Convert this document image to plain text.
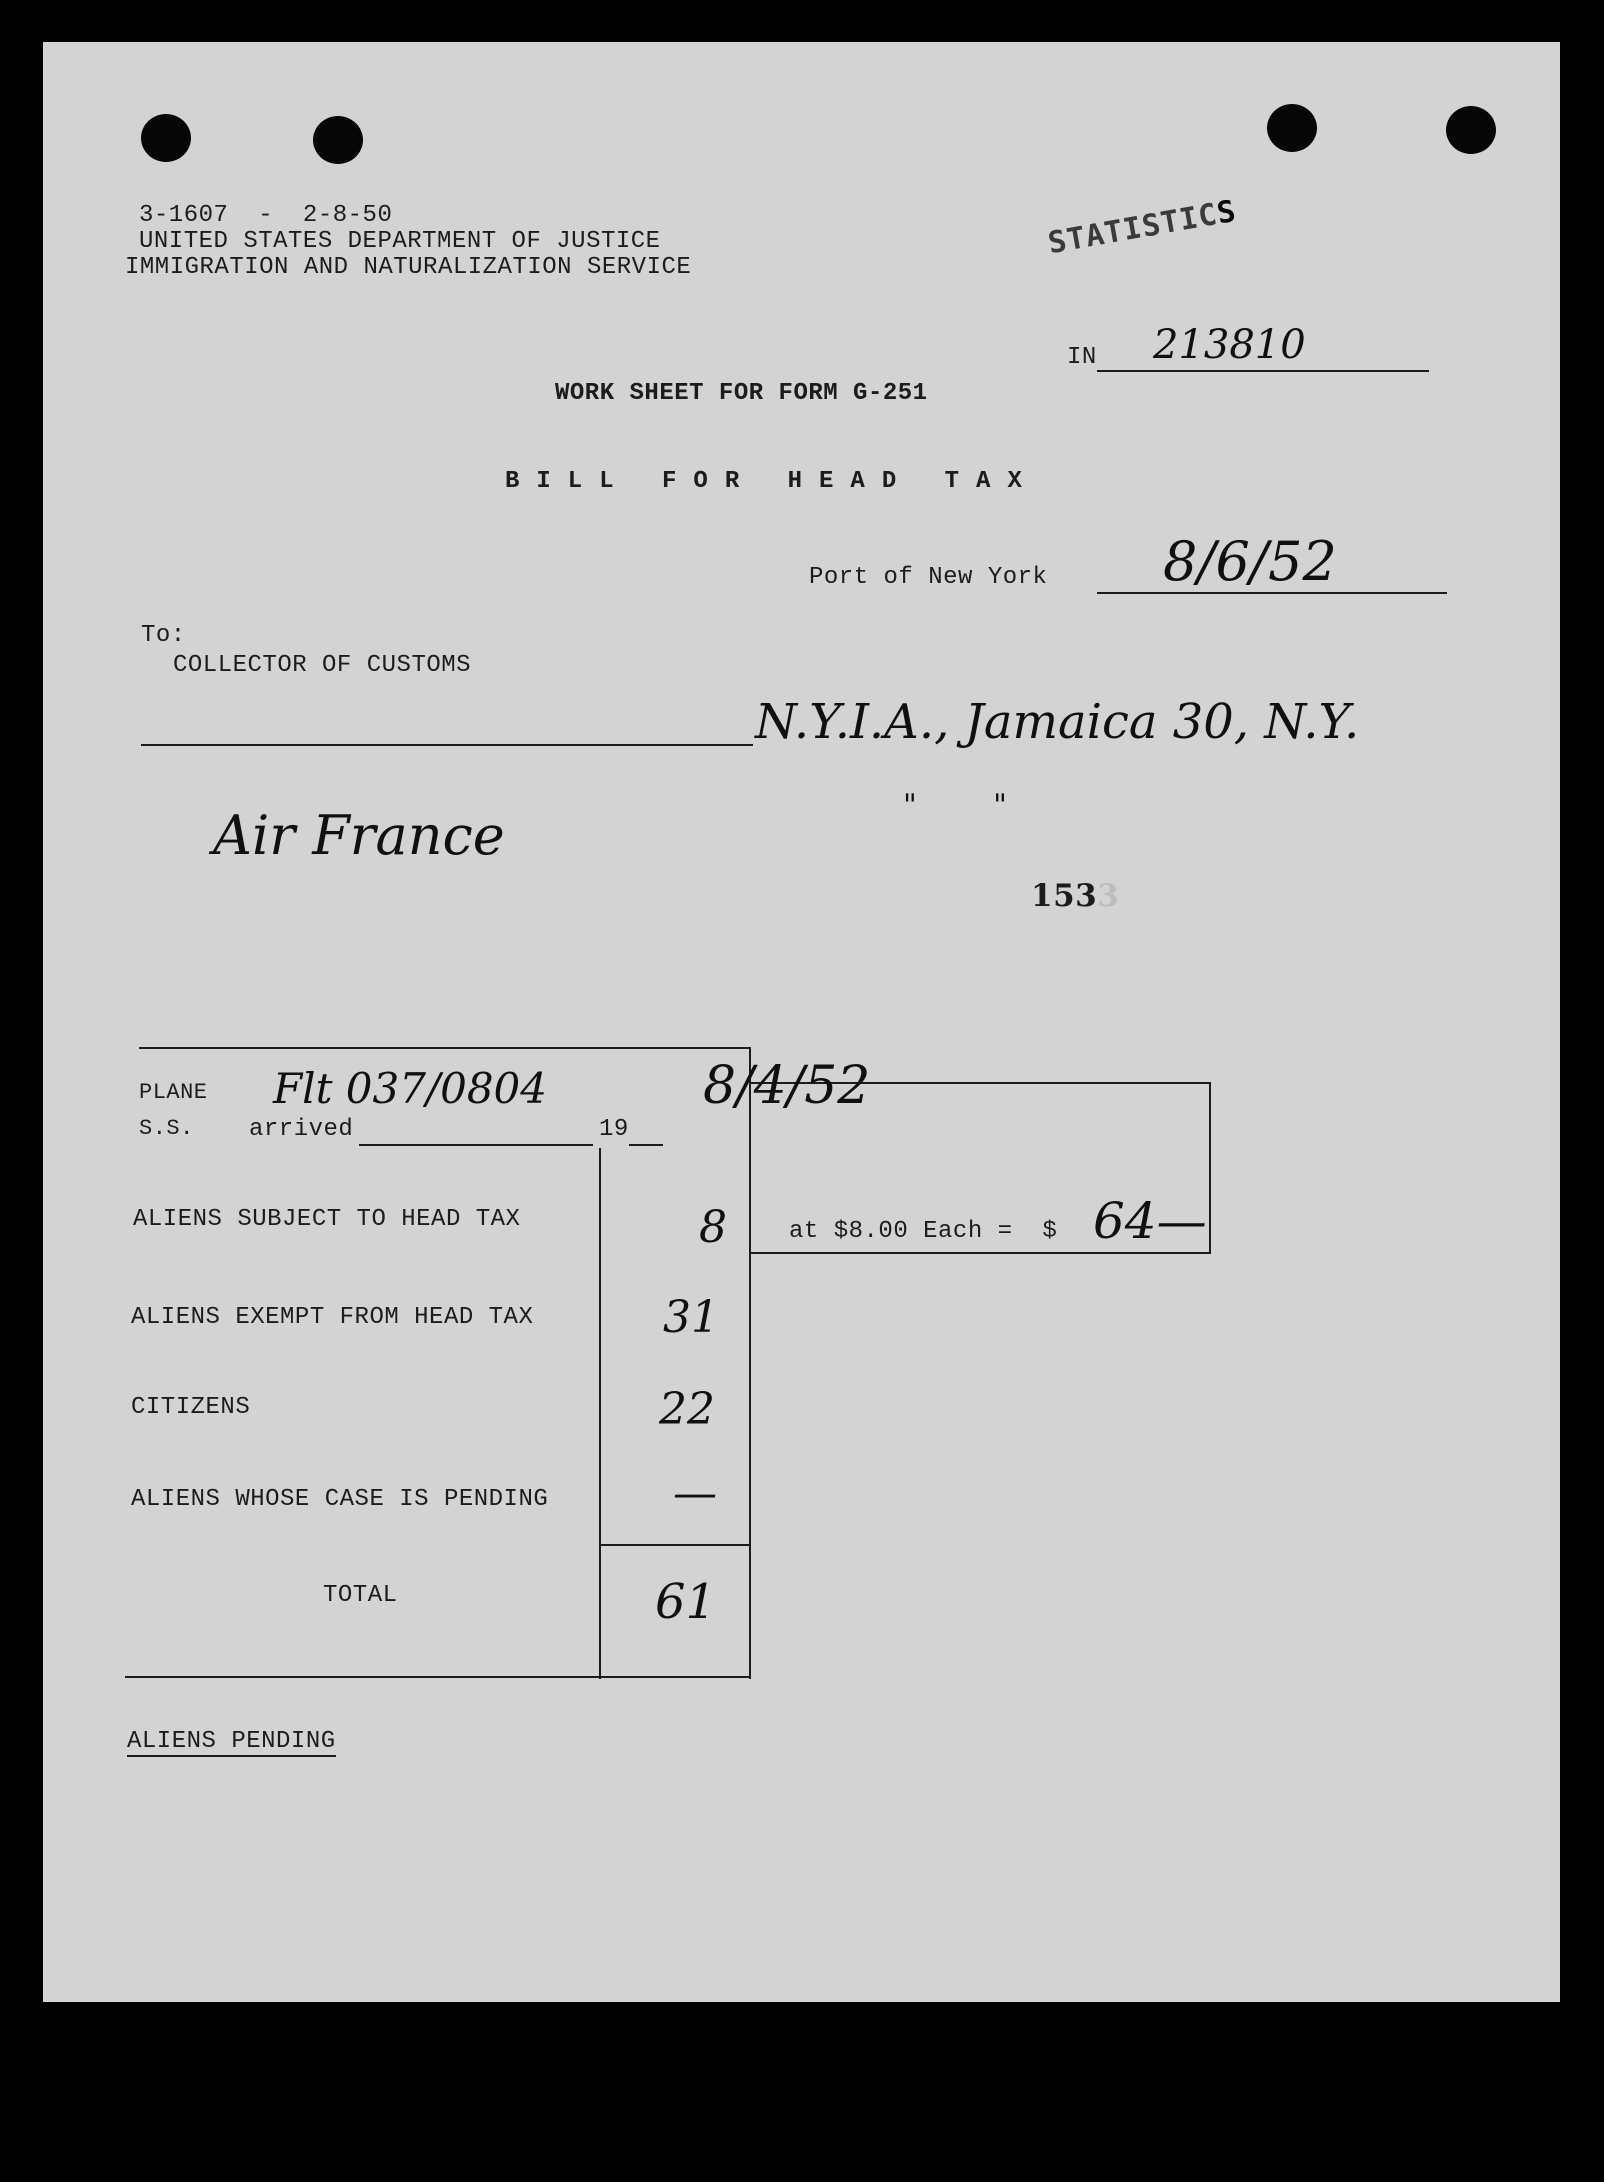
3-1607  -  2-8-50
UNITED STATES DEPARTMENT OF JUSTICE
IMMIGRATION AND NATURALIZATION SERVICE
STATISTICS
IN 213810
WORK SHEET FOR FORM G-251
BILL FOR HEAD TAX
Port of New York 8/6/52
To:
COLLECTOR OF CUSTOMS
N.Y.I.A., Jamaica 30, N.Y.
Air France	"        "
1533
PLANE
S.S. arrived	19
Flt 037/0804	8/4/52
ALIENS SUBJECT TO HEAD TAX	8	at $8.00 Each =  $ 64—
ALIENS EXEMPT FROM HEAD TAX	31
CITIZENS	22
ALIENS WHOSE CASE IS PENDING	—
TOTAL	61
ALIENS PENDING
